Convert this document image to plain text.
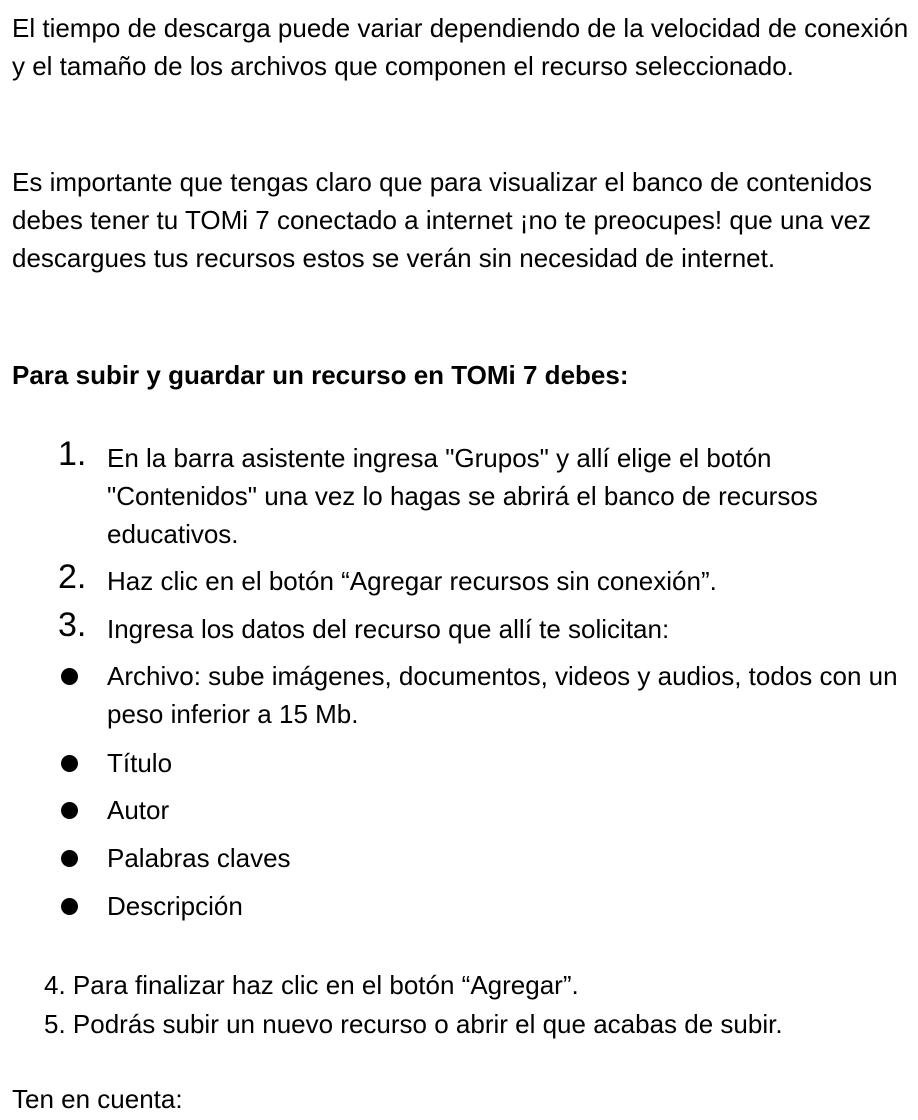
El tiempo de descarga puede variar dependiendo de la velocidad de conexión y el tamaño de los archivos que componen el recurso seleccionado.

Es importante que tengas claro que para visualizar el banco de contenidos debes tener tu TOMi 7 conectado a internet ¡no te preocupes! que una vez descargues tus recursos estos se verán sin necesidad de internet.

Para subir y guardar un recurso en TOMi 7 debes:

1. En la barra asistente ingresa "Grupos" y allí elige el botón "Contenidos" una vez lo hagas se abrirá el banco de recursos educativos.

2. Haz clic en el botón “Agregar recursos sin conexión”.

3. Ingresa los datos del recurso que allí te solicitan:

Archivo: sube imágenes, documentos, videos y audios, todos con un peso inferior a 15 Mb.

Título

Autor

Palabras claves

Descripción

4. Para finalizar haz clic en el botón “Agregar”.

5. Podrás subir un nuevo recurso o abrir el que acabas de subir.

Ten en cuenta:
